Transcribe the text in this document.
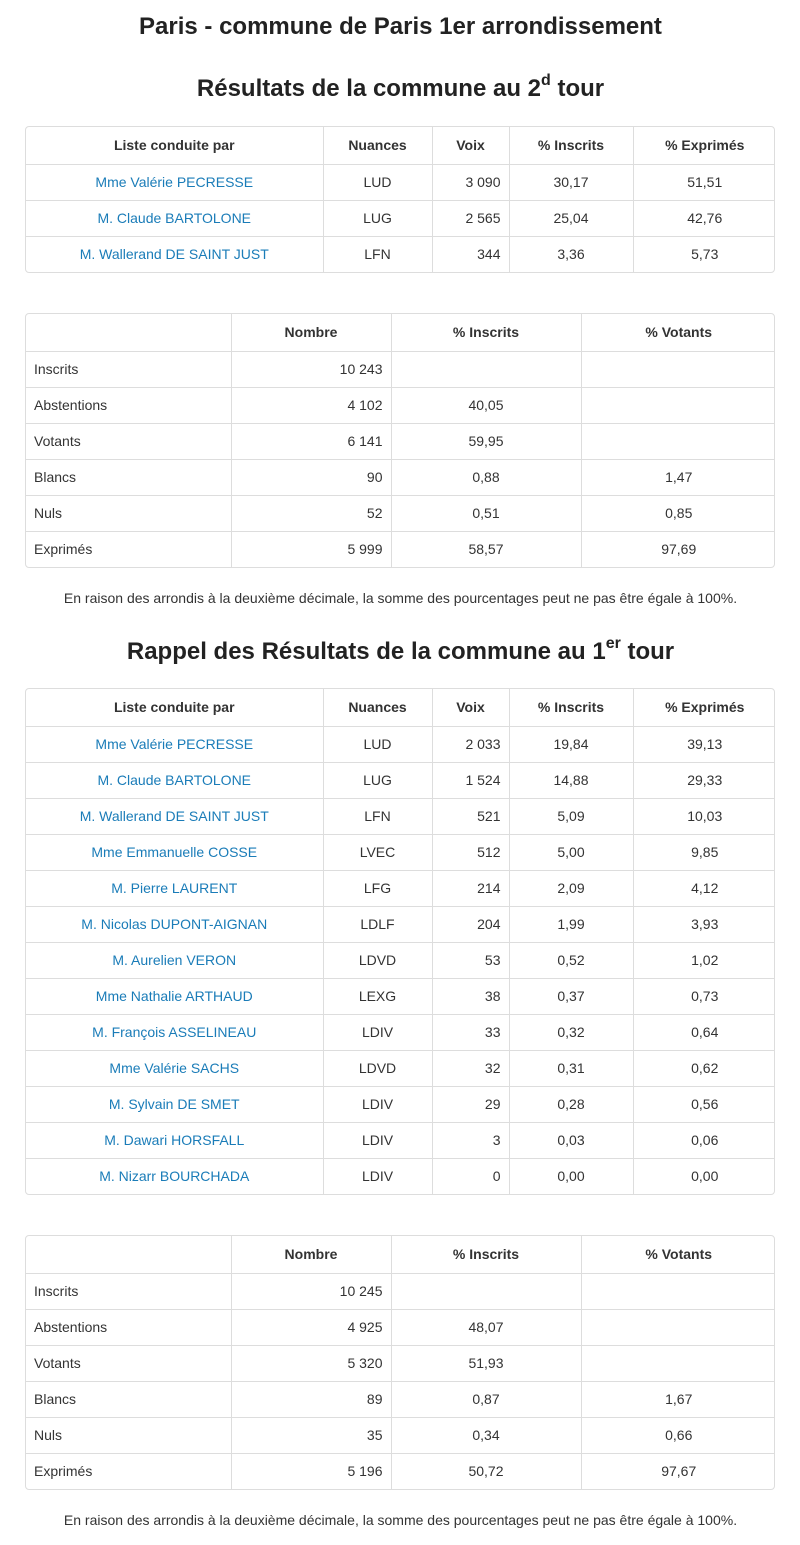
Paris - commune de Paris 1er arrondissement
Résultats de la commune au 2$^d$ tour
Liste conduite par	Nuances	Voix	% Inscrits	% Exprimés
Mme Valérie PECRESSE	LUD	3 090	30,17	51,51
M. Claude BARTOLONE	LUG	2 565	25,04	42,76
M. Wallerand DE SAINT JUST	LFN	344	3,36	5,73
	Nombre	% Inscrits	% Votants
Inscrits	10 243		
Abstentions	4 102	40,05	
Votants	6 141	59,95	
Blancs	90	0,88	1,47
Nuls	52	0,51	0,85
Exprimés	5 999	58,57	97,69
En raison des arrondis à la deuxième décimale, la somme des pourcentages peut ne pas être égale à 100%.
Rappel des Résultats de la commune au 1er tour
Liste conduite par	Nuances	Voix	% Inscrits	% Exprimés
Mme Valérie PECRESSE	LUD	2 033	19,84	39,13
M. Claude BARTOLONE	LUG	1 524	14,88	29,33
M. Wallerand DE SAINT JUST	LFN	521	5,09	10,03
Mme Emmanuelle COSSE	LVEC	512	5,00	9,85
M. Pierre LAURENT	LFG	214	2,09	4,12
M. Nicolas DUPONT-AIGNAN	LDLF	204	1,99	3,93
M. Aurelien VERON	LDVD	53	0,52	1,02
Mme Nathalie ARTHAUD	LEXG	38	0,37	0,73
M. François ASSELINEAU	LDIV	33	0,32	0,64
Mme Valérie SACHS	LDVD	32	0,31	0,62
M. Sylvain DE SMET	LDIV	29	0,28	0,56
M. Dawari HORSFALL	LDIV	3	0,03	0,06
M. Nizarr BOURCHADA	LDIV	0	0,00	0,00
	Nombre	% Inscrits	% Votants
Inscrits	10 245		
Abstentions	4 925	48,07	
Votants	5 320	51,93	
Blancs	89	0,87	1,67
Nuls	35	0,34	0,66
Exprimés	5 196	50,72	97,67
En raison des arrondis à la deuxième décimale, la somme des pourcentages peut ne pas être égale à 100%.
